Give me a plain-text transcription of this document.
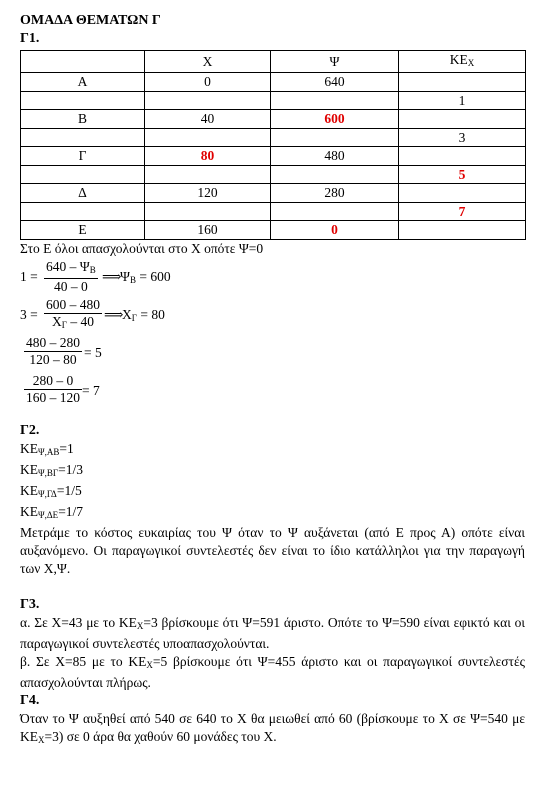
ΟΜΑΔΑ ΘΕΜΑΤΩΝ Γ
Γ1.
	X	Ψ	$KE_X$
A	0	640	
			1
B	40	600	
			3
Γ	80	480	
			5
Δ	120	280	
			7
E	160	0	
Στο Ε όλοι απασχολούνται στο Χ οπότε Ψ=0
$1 = \frac{640 - \Psi_B}{40 - 0}$ ⟹
$\Psi_B = 600$
$3 = \frac{600 - 480}{X_\Gamma - 40}$ ⟹
$X_\Gamma = 80$
$\frac{480 - 280}{120 - 80} = 5$
$\frac{280 - 0}{160 - 120} = 7$
Γ2.
$KE_{\Psi,AB}=1$
$KE_{\Psi,B\Gamma}=1/3$
$KE_{\Psi,\Gamma\Delta}=1/5$
$KE_{\Psi,\Delta E}=1/7$
Μετράμε το κόστος ευκαιρίας του Ψ όταν το Ψ αυξάνεται (από Ε προς Α) οπότε είναι αυξανόμενο. Οι παραγωγικοί συντελεστές δεν είναι το ίδιο κατάλληλοι για την παραγωγή των Χ,Ψ.
Γ3.
α. Σε Χ=43 με το $KE_X=3$ βρίσκουμε ότι Ψ=591 άριστο. Οπότε το Ψ=590 είναι εφικτό και οι παραγωγικοί συντελεστές υποαπασχολούνται.
β. Σε Χ=85 με το $KE_X=5$ βρίσκουμε ότι Ψ=455 άριστο και οι παραγωγικοί συντελεστές απασχολούνται πλήρως.
Γ4.
Όταν το Ψ αυξηθεί από 540 σε 640 το Χ θα μειωθεί από 60 (βρίσκουμε το Χ σε Ψ=540 με $KE_X=3$) σε 0 άρα θα χαθούν 60 μονάδες του Χ.
